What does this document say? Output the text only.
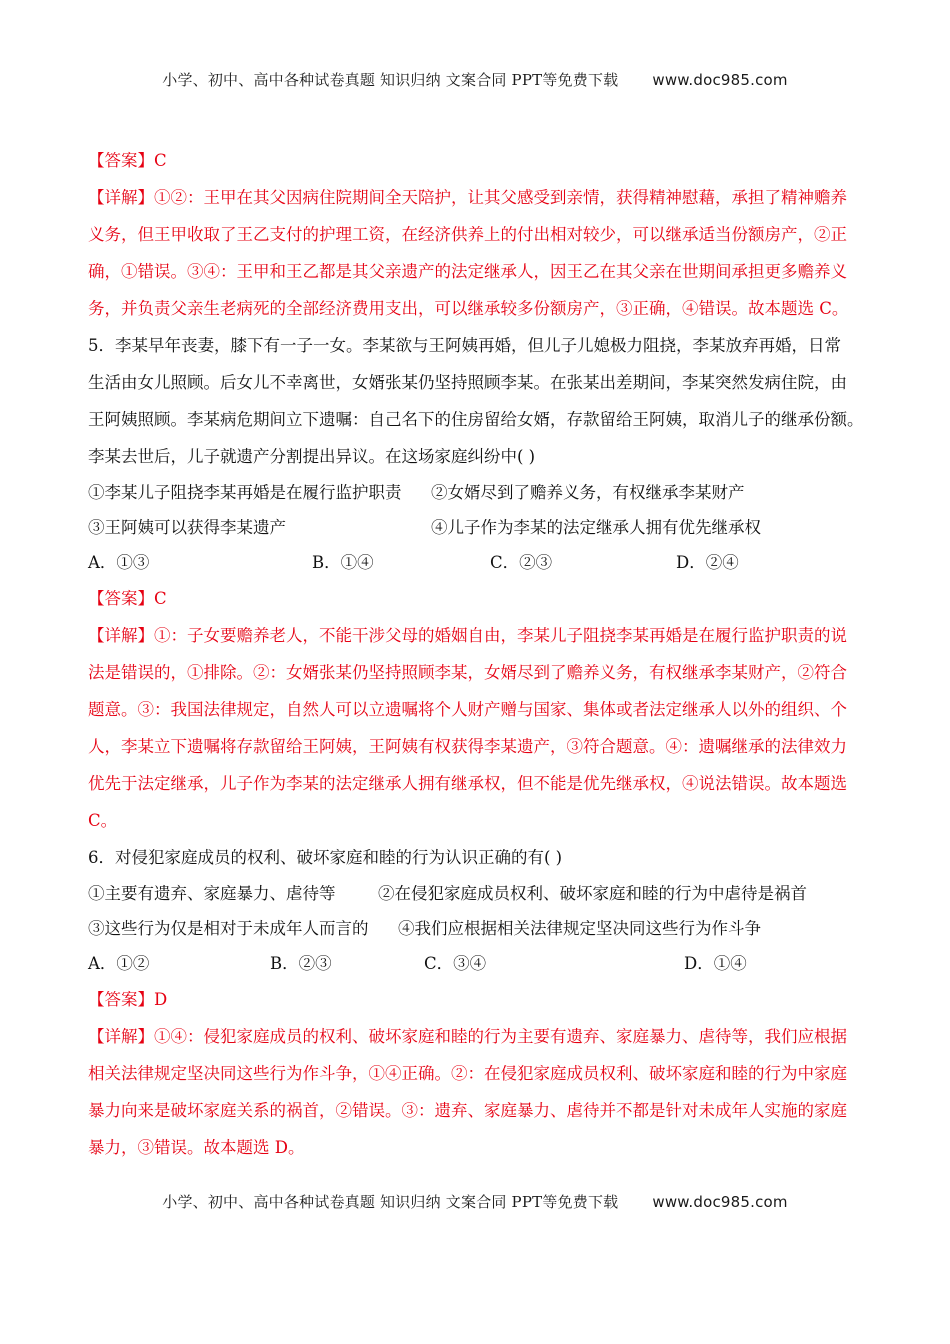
小学、初中、高中各种试卷真题 知识归纳 文案合同 PPT等免费下载 www.doc985.com
【答案】C
【详解】①②：王甲在其父因病住院期间全天陪护，让其父感受到亲情，获得精神慰藉，承担了精神赡养
义务，但王甲收取了王乙支付的护理工资，在经济供养上的付出相对较少，可以继承适当份额房产，②正
确，①错误。③④：王甲和王乙都是其父亲遗产的法定继承人，因王乙在其父亲在世期间承担更多赡养义
务，并负责父亲生老病死的全部经济费用支出，可以继承较多份额房产，③正确，④错误。故本题选 C。
5．李某早年丧妻，膝下有一子一女。李某欲与王阿姨再婚，但儿子儿媳极力阻挠，李某放弃再婚，日常
生活由女儿照顾。后女儿不幸离世，女婿张某仍坚持照顾李某。在张某出差期间，李某突然发病住院，由
王阿姨照顾。李某病危期间立下遗嘱：自己名下的住房留给女婿，存款留给王阿姨，取消儿子的继承份额。
李某去世后，儿子就遗产分割提出异议。在这场家庭纠纷中( )
①李某儿子阻挠李某再婚是在履行监护职责	②女婿尽到了赡养义务，有权继承李某财产
③王阿姨可以获得李某遗产	④儿子作为李某的法定继承人拥有优先继承权
A．①③	B．①④	C．②③	D．②④
【答案】C
【详解】①：子女要赡养老人，不能干涉父母的婚姻自由，李某儿子阻挠李某再婚是在履行监护职责的说
法是错误的，①排除。②：女婿张某仍坚持照顾李某，女婿尽到了赡养义务，有权继承李某财产，②符合
题意。③：我国法律规定，自然人可以立遗嘱将个人财产赠与国家、集体或者法定继承人以外的组织、个
人，李某立下遗嘱将存款留给王阿姨，王阿姨有权获得李某遗产，③符合题意。④：遗嘱继承的法律效力
优先于法定继承，儿子作为李某的法定继承人拥有继承权，但不能是优先继承权，④说法错误。故本题选
C。
6．对侵犯家庭成员的权利、破坏家庭和睦的行为认识正确的有( )
①主要有遗弃、家庭暴力、虐待等	②在侵犯家庭成员权利、破坏家庭和睦的行为中虐待是祸首
③这些行为仅是相对于未成年人而言的	④我们应根据相关法律规定坚决同这些行为作斗争
A．①②	B．②③	C．③④	D．①④
【答案】D
【详解】①④：侵犯家庭成员的权利、破坏家庭和睦的行为主要有遗弃、家庭暴力、虐待等，我们应根据
相关法律规定坚决同这些行为作斗争，①④正确。②：在侵犯家庭成员权利、破坏家庭和睦的行为中家庭
暴力向来是破坏家庭关系的祸首，②错误。③：遗弃、家庭暴力、虐待并不都是针对未成年人实施的家庭
暴力，③错误。故本题选 D。
小学、初中、高中各种试卷真题 知识归纳 文案合同 PPT等免费下载 www.doc985.com
